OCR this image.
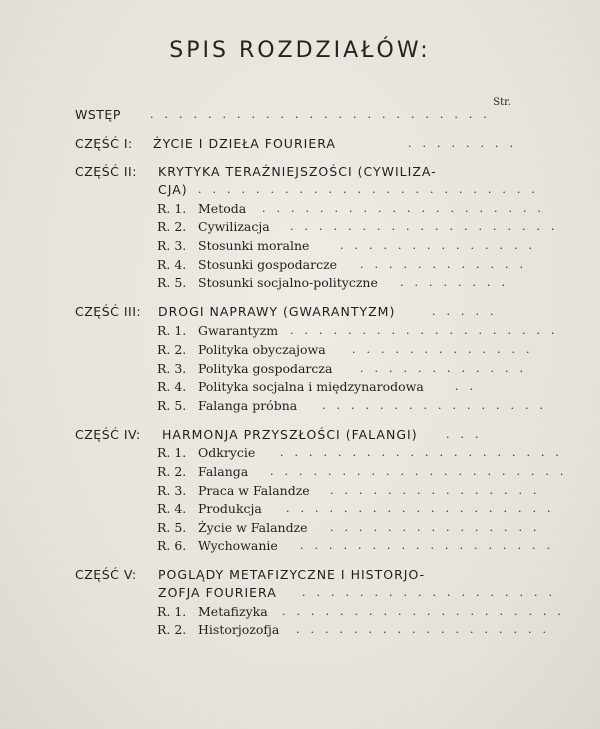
SPIS ROZDZIAŁÓW:
Str.
WSTĘP	........................
CZĘŚĆ I: ŻYCIE I DZIEŁA FOURIERA	........
CZĘŚĆ II: KRYTYKA TERAŹNIEJSZOŚCI (CYWILIZA-
CJA) ........................
R. 1. Metoda ....................
R. 2. Cywilizacja ...................
R. 3. Stosunki moralne	..............
R. 4. Stosunki gospodarcze ............
R. 5. Stosunki socjalno-polityczne ........
CZĘŚĆ III: DROGI NAPRAWY (GWARANTYZM)	.....
R. 1. Gwarantyzm ...................
R. 2. Polityka obyczajowa .............
R. 3. Polityka gospodarcza	............
R. 4. Polityka socjalna i międzynarodowa	..
R. 5. Falanga próbna ................
CZĘŚĆ IV: HARMONJA PRZYSZŁOŚCI (FALANGI)	...
R. 1. Odkrycie ....................
R. 2. Falanga .....................
R. 3. Praca w Falandze ...............
R. 4. Produkcja ...................
R. 5. Życie w Falandze ...............
R. 6. Wychowanie ..................
CZĘŚĆ V: POGLĄDY METAFIZYCZNE I HISTORJO-
ZOFJA FOURIERA ..................
R. 1. Metafizyka ....................
R. 2. Historjozofja ..................
